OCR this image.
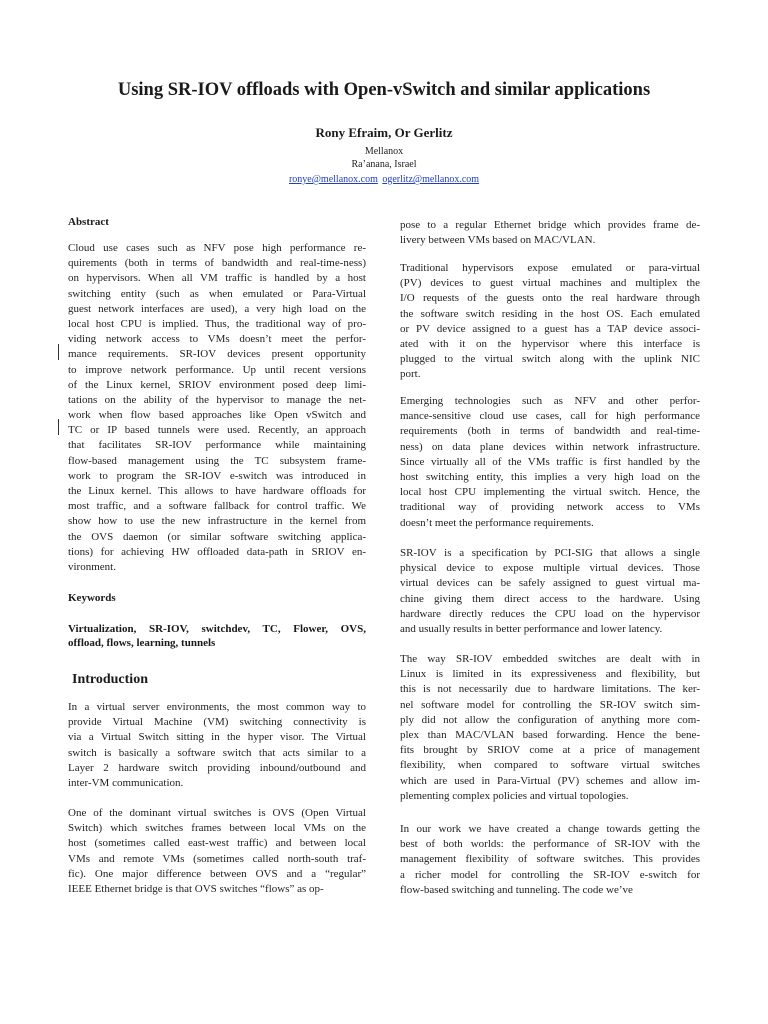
Using SR-IOV offloads with Open-vSwitch and similar applications
Rony Efraim, Or Gerlitz
Mellanox
Ra’anana, Israel
ronye@mellanox.com ogerlitz@mellanox.com
Abstract
Cloud use cases such as NFV pose high performance re-
quirements (both in terms of bandwidth and real-time-ness)
on hypervisors. When all VM traffic is handled by a host
switching entity (such as when emulated or Para-Virtual
guest network interfaces are used), a very high load on the
local host CPU is implied. Thus, the traditional way of pro-
viding network access to VMs doesn’t meet the perfor-
mance requirements. SR-IOV devices present opportunity
to improve network performance. Up until recent versions
of the Linux kernel, SRIOV environment posed deep limi-
tations on the ability of the hypervisor to manage the net-
work when flow based approaches like Open vSwitch and
TC or IP based tunnels were used. Recently, an approach
that facilitates SR-IOV performance while maintaining
flow-based management using the TC subsystem frame-
work to program the SR-IOV e-switch was introduced in
the Linux kernel. This allows to have hardware offloads for
most traffic, and a software fallback for control traffic. We
show how to use the new infrastructure in the kernel from
the OVS daemon (or similar software switching applica-
tions) for achieving HW offloaded data-path in SRIOV en-
vironment.
Keywords
Virtualization, SR-IOV, switchdev, TC, Flower, OVS,
offload, flows, learning, tunnels
Introduction
In a virtual server environments, the most common way to
provide Virtual Machine (VM) switching connectivity is
via a Virtual Switch sitting in the hyper visor. The Virtual
switch is basically a software switch that acts similar to a
Layer 2 hardware switch providing inbound/outbound and
inter-VM communication.
One of the dominant virtual switches is OVS (Open Virtual
Switch) which switches frames between local VMs on the
host (sometimes called east-west traffic) and between local
VMs and remote VMs (sometimes called north-south traf-
fic). One major difference between OVS and a “regular”
IEEE Ethernet bridge is that OVS switches “flows” as op-
pose to a regular Ethernet bridge which provides frame de-
livery between VMs based on MAC/VLAN.
Traditional hypervisors expose emulated or para-virtual
(PV) devices to guest virtual machines and multiplex the
I/O requests of the guests onto the real hardware through
the software switch residing in the host OS. Each emulated
or PV device assigned to a guest has a TAP device associ-
ated with it on the hypervisor where this interface is
plugged to the virtual switch along with the uplink NIC
port.
Emerging technologies such as NFV and other perfor-
mance-sensitive cloud use cases, call for high performance
requirements (both in terms of bandwidth and real-time-
ness) on data plane devices within network infrastructure.
Since virtually all of the VMs traffic is first handled by the
host switching entity, this implies a very high load on the
local host CPU implementing the virtual switch. Hence, the
traditional way of providing network access to VMs
doesn’t meet the performance requirements.
SR-IOV is a specification by PCI-SIG that allows a single
physical device to expose multiple virtual devices. Those
virtual devices can be safely assigned to guest virtual ma-
chine giving them direct access to the hardware. Using
hardware directly reduces the CPU load on the hypervisor
and usually results in better performance and lower latency.
The way SR-IOV embedded switches are dealt with in
Linux is limited in its expressiveness and flexibility, but
this is not necessarily due to hardware limitations. The ker-
nel software model for controlling the SR-IOV switch sim-
ply did not allow the configuration of anything more com-
plex than MAC/VLAN based forwarding. Hence the bene-
fits brought by SRIOV come at a price of management
flexibility, when compared to software virtual switches
which are used in Para-Virtual (PV) schemes and allow im-
plementing complex policies and virtual topologies.
In our work we have created a change towards getting the
best of both worlds: the performance of SR-IOV with the
management flexibility of software switches. This provides
a richer model for controlling the SR-IOV e-switch for
flow-based switching and tunneling. The code we’ve
